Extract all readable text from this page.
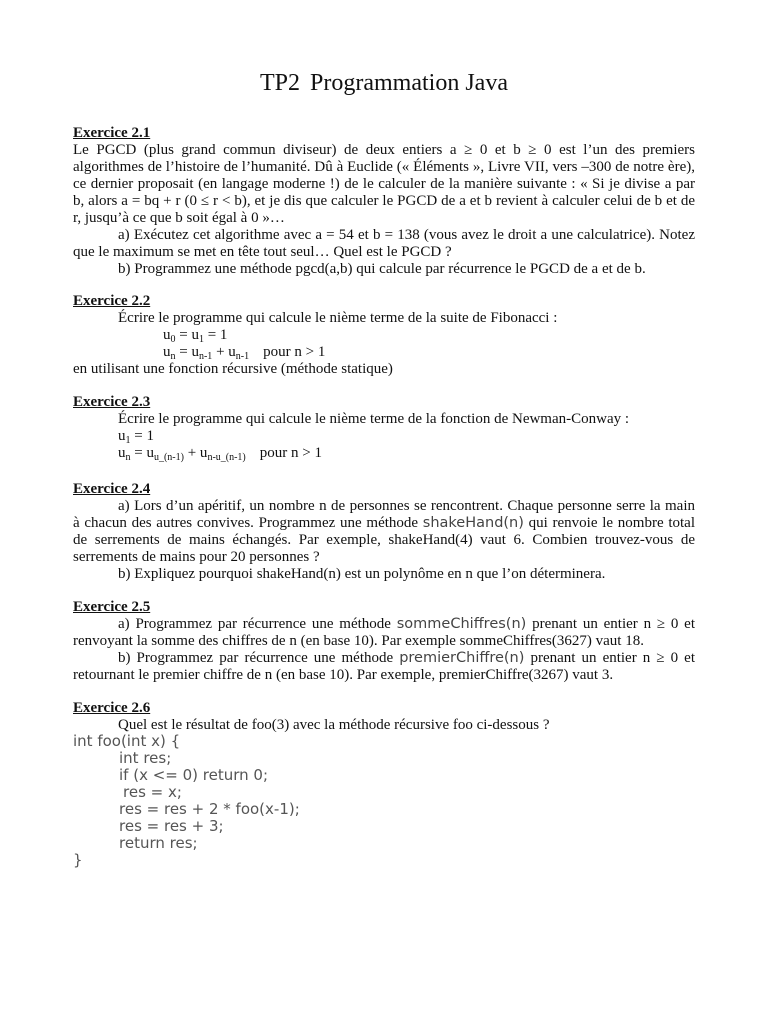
TP2 Programmation Java
Exercice 2.1
Le PGCD (plus grand commun diviseur) de deux entiers a ≥ 0 et b ≥ 0 est l’un des premiers algorithmes de l’histoire de l’humanité. Dû à Euclide (« Éléments », Livre VII, vers –300 de notre ère), ce dernier proposait (en langage moderne !) de le calculer de la manière suivante : « Si je divise a par b, alors a = bq + r (0 ≤ r < b), et je dis que calculer le PGCD de a et b revient à calculer celui de b et de r, jusqu’à ce que b soit égal à 0 »…
a) Exécutez cet algorithme avec a = 54 et b = 138 (vous avez le droit a une calculatrice). Notez que le maximum se met en tête tout seul… Quel est le PGCD ?
b) Programmez une méthode pgcd(a,b) qui calcule par récurrence le PGCD de a et de b.
Exercice 2.2
Écrire le programme qui calcule le nième terme de la suite de Fibonacci :
$u_0 = u_1 = 1$
$u_n = u_{n-1} + u_{n-1}$ pour n > 1
en utilisant une fonction récursive (méthode statique)
Exercice 2.3
Écrire le programme qui calcule le nième terme de la fonction de Newman-Conway :
$u_1 = 1$
$u_n = u_{u\_(n-1)} + u_{n-u\_(n-1)}$ pour n > 1
Exercice 2.4
a) Lors d’un apéritif, un nombre n de personnes se rencontrent. Chaque personne serre la main à chacun des autres convives. Programmez une méthode shakeHand(n) qui renvoie le nombre total de serrements de mains échangés. Par exemple, shakeHand(4) vaut 6. Combien trouvez-vous de serrements de mains pour 20 personnes ?
b) Expliquez pourquoi shakeHand(n) est un polynôme en n que l’on déterminera.
Exercice 2.5
a) Programmez par récurrence une méthode sommeChiffres(n) prenant un entier n ≥ 0 et renvoyant la somme des chiffres de n (en base 10). Par exemple sommeChiffres(3627) vaut 18.
b) Programmez par récurrence une méthode premierChiffre(n) prenant un entier n ≥ 0 et retournant le premier chiffre de n (en base 10). Par exemple, premierChiffre(3267) vaut 3.
Exercice 2.6
Quel est le résultat de foo(3) avec la méthode récursive foo ci-dessous ?
int foo(int x) {
int res;
if (x <= 0) return 0;
res = x;
res = res + 2 * foo(x-1);
res = res + 3;
return res;
}
